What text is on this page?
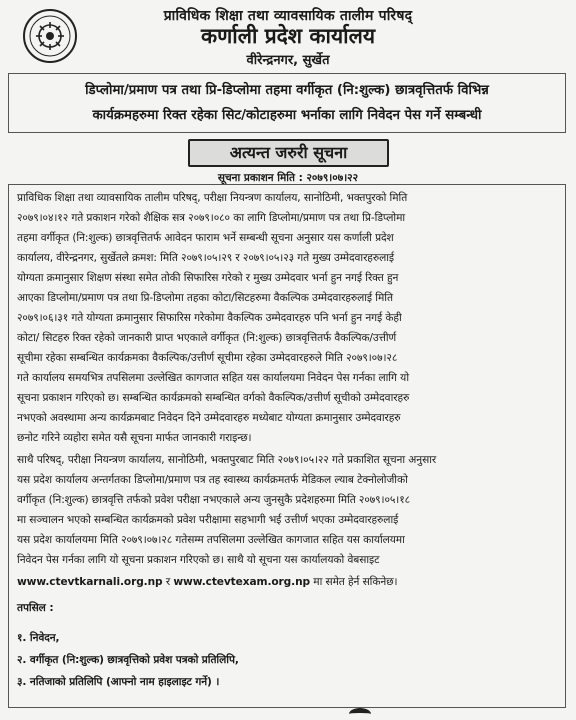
प्राविधिक शिक्षा तथा व्यावसायिक तालीम परिषद्
कर्णाली प्रदेश कार्यालय
वीरेन्द्रनगर, सुर्खेत
डिप्लोमा/प्रमाण पत्र तथा प्रि-डिप्लोमा तहमा वर्गीकृत (नि:शुल्क) छात्रवृत्तितर्फ विभिन्न
कार्यक्रमहरुमा रिक्त रहेका सिट/कोटाहरुमा भर्नाका लागि निवेदन पेस गर्ने सम्बन्धी
अत्यन्त जरुरी सूचना
सूचना प्रकाशन मिति : २०७९।०७।२२
प्राविधिक शिक्षा तथा व्यावसायिक तालीम परिषद्, परीक्षा नियन्त्रण कार्यालय, सानोठिमी, भक्तपुरको मिति
२०७९।०४।१२ गते प्रकाशन गरेको शैक्षिक सत्र २०७९।०८० का लागि डिप्लोमा/प्रमाण पत्र तथा प्रि-डिप्लोमा
तहमा वर्गीकृत (नि:शुल्क) छात्रवृत्तितर्फ आवेदन फाराम भर्ने सम्बन्धी सूचना अनुसार यस कर्णाली प्रदेश
कार्यालय, वीरेन्द्रनगर, सुर्खेतले क्रमश: मिति २०७९।०५।२९ र २०७९।०५।२३ गते मुख्य उम्मेदवारहरुलाई
योग्यता क्रमानुसार शिक्षण संस्था समेत तोकी सिफारिस गरेको र मुख्य उम्मेदवार भर्ना हुन नगई रिक्त हुन
आएका डिप्लोमा/प्रमाण पत्र तथा प्रि-डिप्लोमा तहका कोटा/सिटहरुमा वैकल्पिक उम्मेदवारहरुलाई मिति
२०७९।०६।३१ गते योग्यता क्रमानुसार सिफारिस गरेकोमा वैकल्पिक उम्मेदवारहरु पनि भर्ना हुन नगई केही
कोटा/ सिटहरु रिक्त रहेको जानकारी प्राप्त भएकाले वर्गीकृत (नि:शुल्क) छात्रवृत्तितर्फ वैकल्पिक/उत्तीर्ण
सूचीमा रहेका सम्बन्धित कार्यक्रमका वैकल्पिक/उत्तीर्ण सूचीमा रहेका उम्मेदवारहरुले मिति २०७९।०७।२८
गते कार्यालय समयभित्र तपसिलमा उल्लेखित कागजात सहित यस कार्यालयमा निवेदन पेस गर्नका लागि यो
सूचना प्रकाशन गरिएको छ। सम्बन्धित कार्यक्रमको सम्बन्धित वर्गको वैकल्पिक/उत्तीर्ण सूचीको उम्मेदवारहरु
नभएको अवस्थामा अन्य कार्यक्रमबाट निवेदन दिने उम्मेदवारहरु मध्येबाट योग्यता क्रमानुसार उम्मेदवारहरु
छनोट गरिने व्यहोरा समेत यसै सूचना मार्फत जानकारी गराइन्छ।
साथै परिषद्, परीक्षा नियन्त्रण कार्यालय, सानोठिमी, भक्तपुरबाट मिति २०७९।०५।२२ गते प्रकाशित सूचना अनुसार
यस प्रदेश कार्यालय अन्तर्गतका डिप्लोमा/प्रमाण पत्र तह स्वास्थ्य कार्यक्रमतर्फ मेडिकल ल्याब टेक्नोलोजीको
वर्गीकृत (नि:शुल्क) छात्रवृत्ति तर्फको प्रवेश परीक्षा नभएकाले अन्य जुनसुकै प्रदेशहरुमा मिति २०७९।०५।१८
मा सञ्चालन भएको सम्बन्धित कार्यक्रमको प्रवेश परीक्षामा सहभागी भई उत्तीर्ण भएका उम्मेदवारहरुलाई
यस प्रदेश कार्यालयमा मिति २०७९।०७।२८ गतेसम्म तपसिलमा उल्लेखित कागजात सहित यस कार्यालयमा
निवेदन पेस गर्नका लागि यो सूचना प्रकाशन गरिएको छ। साथै यो सूचना यस कार्यालयको वेबसाइट
www.ctevtkarnali.org.np र www.ctevtexam.org.np मा समेत हेर्न सकिनेछ।
तपसिल :
१. निवेदन,
२. वर्गीकृत (नि:शुल्क) छात्रवृत्तिको प्रवेश पत्रको प्रतिलिपि,
३. नतिजाको प्रतिलिपि (आफ्नो नाम हाइलाइट गर्ने) ।
